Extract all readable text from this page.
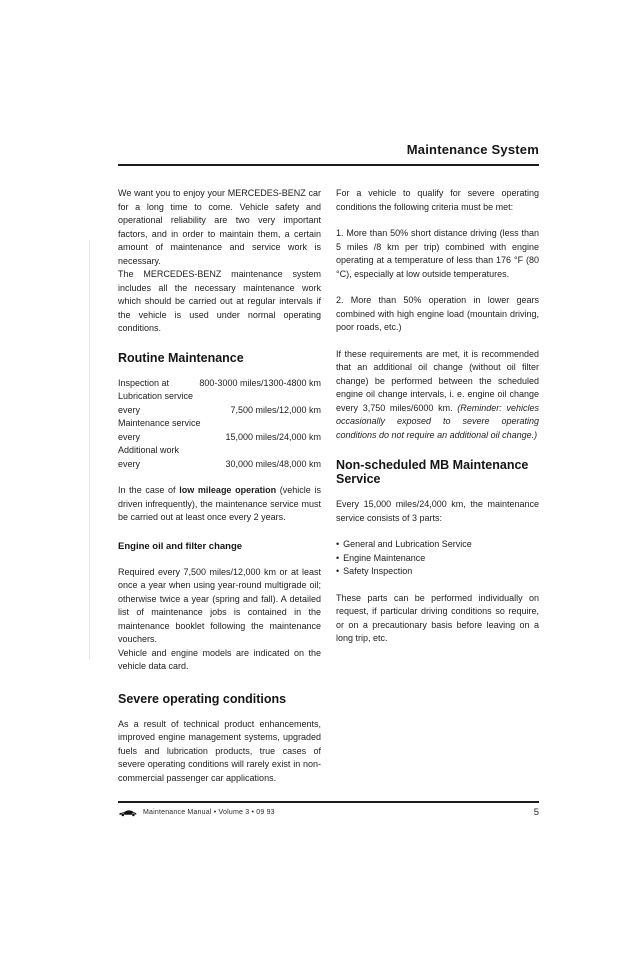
Maintenance System

We want you to enjoy your MERCEDES-BENZ car for a long time to come. Vehicle safety and operational reliability are two very important factors, and in order to maintain them, a certain amount of maintenance and service work is necessary.

The MERCEDES-BENZ maintenance system includes all the necessary maintenance work which should be carried out at regular intervals if the vehicle is used under normal operating conditions.

Routine Maintenance
Inspection at	800-3000 miles/1300-4800 km
Lubrication service
every	7,500 miles/12,000 km
Maintenance service
every	15,000 miles/24,000 km
Additional work
every	30,000 miles/48,000 km

In the case of low mileage operation (vehicle is driven infrequently), the maintenance service must be carried out at least once every 2 years.

Engine oil and filter change

Required every 7,500 miles/12,000 km or at least once a year when using year-round multigrade oil; otherwise twice a year (spring and fall). A detailed list of maintenance jobs is contained in the maintenance booklet following the maintenance vouchers.

Vehicle and engine models are indicated on the vehicle data card.

Severe operating conditions

As a result of technical product enhancements, improved engine management systems, upgraded fuels and lubrication products, true cases of severe operating conditions will rarely exist in non-commercial passenger car applications.

For a vehicle to qualify for severe operating conditions the following criteria must be met:

1. More than 50% short distance driving (less than 5 miles /8 km per trip) combined with engine operating at a temperature of less than 176 °F (80 °C), especially at low outside temperatures.

2. More than 50% operation in lower gears combined with high engine load (mountain driving, poor roads, etc.)

If these requirements are met, it is recommended that an additional oil change (without oil filter change) be performed between the scheduled engine oil change intervals, i. e. engine oil change every 3,750 miles/6000 km. (Reminder: vehicles occasionally exposed to severe operating conditions do not require an additional oil change.)

Non-scheduled MB Maintenance Service

Every 15,000 miles/24,000 km, the maintenance service consists of 3 parts:

• General and Lubrication Service
• Engine Maintenance
• Safety Inspection

These parts can be performed individually on request, if particular driving conditions so require, or on a precautionary basis before leaving on a long trip, etc.

Maintenance Manual • Volume 3 • 09 93	5
